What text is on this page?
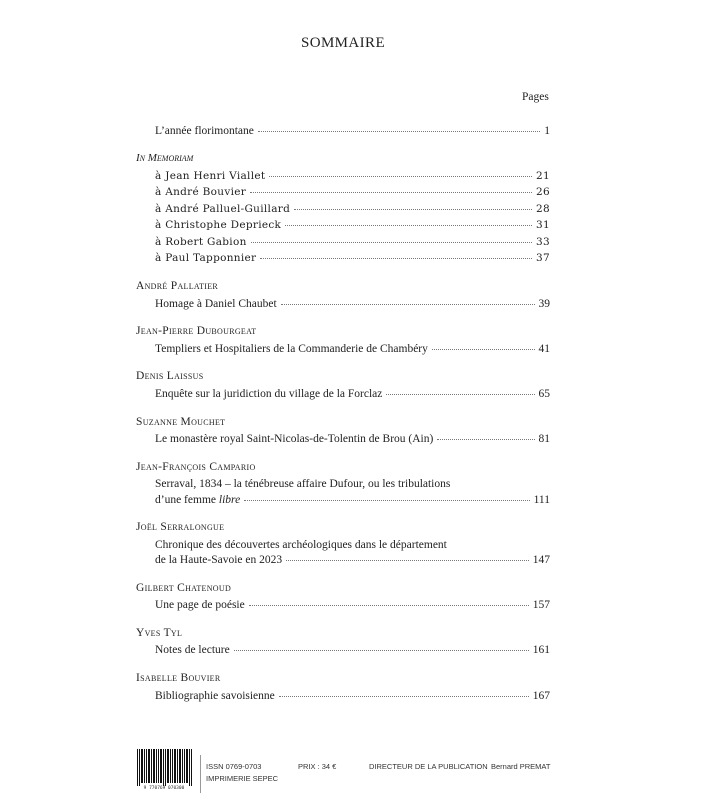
SOMMAIRE
Pages
L’année florimontane	1
In Memoriam
à Jean Henri Viallet	21
à André Bouvier	26
à André Palluel-Guillard	28
à Christophe Deprieck	31
à Robert Gabion	33
à Paul Tapponnier	37
André Pallatier
Homage à Daniel Chaubet	39
Jean-Pierre Dubourgeat
Templiers et Hospitaliers de la Commanderie de Chambéry	41
Denis Laissus
Enquête sur la juridiction du village de la Forclaz	65
Suzanne Mouchet
Le monastère royal Saint-Nicolas-de-Tolentin de Brou (Ain)	81
Jean-François Campario
Serraval, 1834 – la ténébreuse affaire Dufour, ou les tribulations
d’une femme libre	111
Joël Serralongue
Chronique des découvertes archéologiques dans le département
de la Haute-Savoie en 2023	147
Gilbert Chatenoud
Une page de poésie	157
Yves Tyl
Notes de lecture	161
Isabelle Bouvier
Bibliographie savoisienne	167
9 770769 070300
ISSN 0769-0703
IMPRIMERIE SEPEC
PRIX : 34 €	DIRECTEUR DE LA PUBLICATION Bernard PREMAT
